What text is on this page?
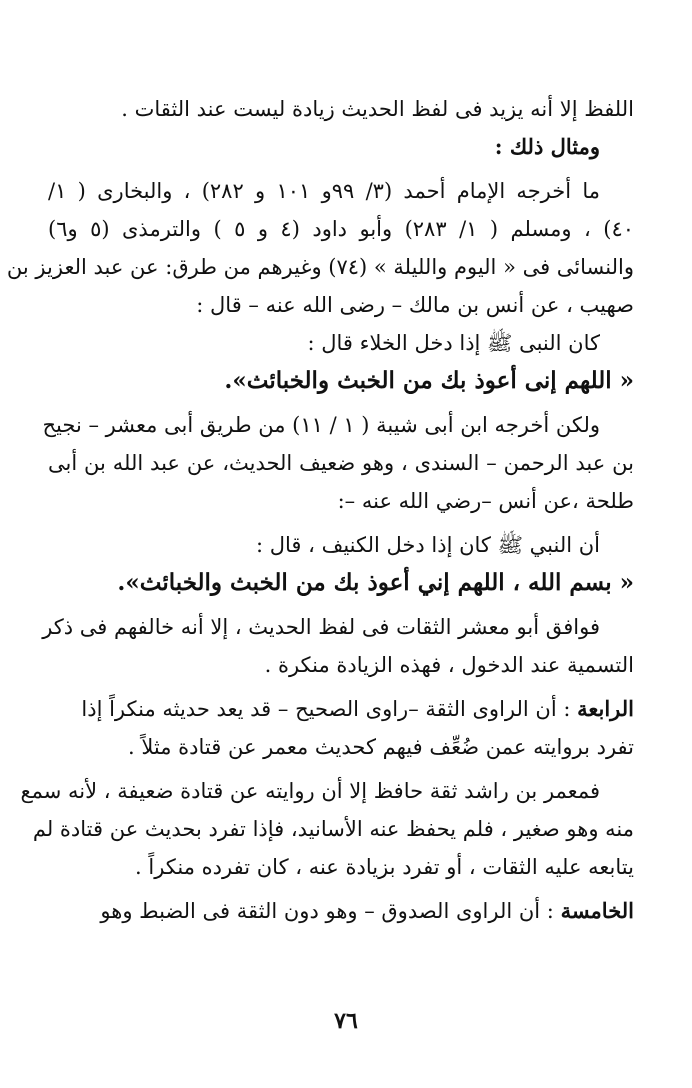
اللفظ إلا أنه يزيد فى لفظ الحديث زيادة ليست عند الثقات .
ومثال ذلك :
ما أخرجه الإمام أحمد (٣/ ٩٩و ١٠١ و ٢٨٢) ، والبخارى ( ١/
٤٠) ، ومسلم ( ١/ ٢٨٣) وأبو داود (٤ و ٥ ) والترمذى (٥ و٦)
والنسائى فى « اليوم والليلة » (٧٤) وغيرهم من طرق: عن عبد العزيز بن
صهيب ، عن أنس بن مالك – رضى الله عنه – قال :
كان النبى ﷺ إذا دخل الخلاء قال :
« اللهم إنى أعوذ بك من الخبث والخبائث».
ولكن أخرجه ابن أبى شيبة ( ١ / ١١) من طريق أبى معشر – نجيح
بن عبد الرحمن – السندى ، وهو ضعيف الحديث، عن عبد الله بن أبى
طلحة ،عن أنس –رضي الله عنه –:
أن النبي ﷺ كان إذا دخل الكنيف ، قال :
« بسم الله ، اللهم إني أعوذ بك من الخبث والخبائث».
فوافق أبو معشر الثقات فى لفظ الحديث ، إلا أنه خالفهم فى ذكر
التسمية عند الدخول ، فهذه الزيادة منكرة .
الرابعة : أن الراوى الثقة –راوى الصحيح – قد يعد حديثه منكراً إذا
تفرد بروايته عمن ضُعِّف فيهم كحديث معمر عن قتادة مثلاً .
فمعمر بن راشد ثقة حافظ إلا أن روايته عن قتادة ضعيفة ، لأنه سمع
منه وهو صغير ، فلم يحفظ عنه الأسانيد، فإذا تفرد بحديث عن قتادة لم
يتابعه عليه الثقات ، أو تفرد بزيادة عنه ، كان تفرده منكراً .
الخامسة : أن الراوى الصدوق – وهو دون الثقة فى الضبط وهو
٧٦
